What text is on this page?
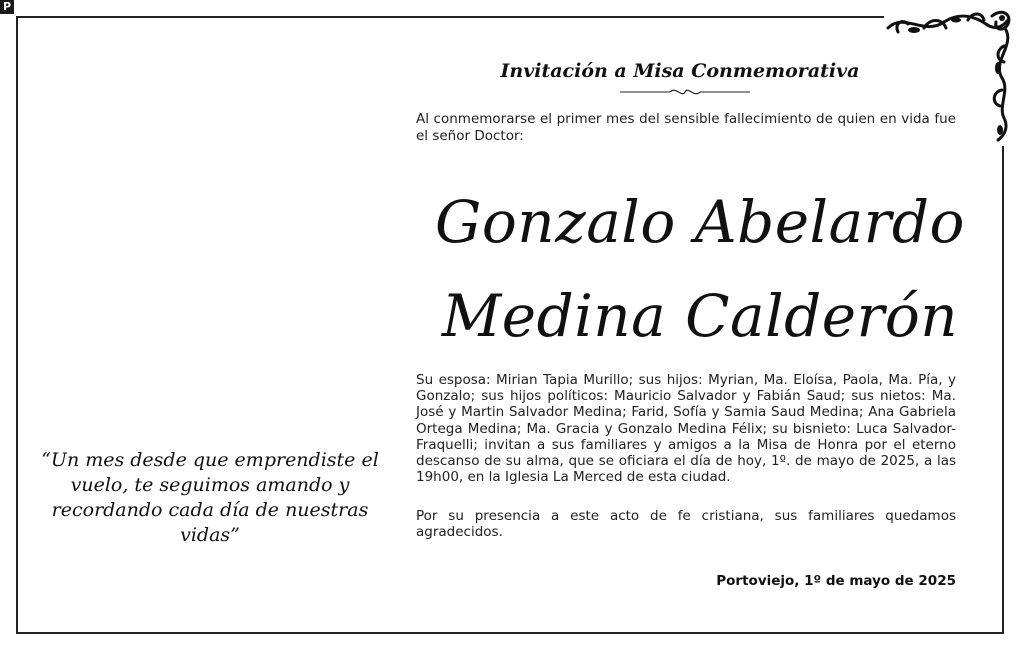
P
“Un mes desde que emprendiste el vuelo, te seguimos amando y recordando cada día de nuestras vidas”
Invitación a Misa Conmemorativa
Al conmemorarse el primer mes del sensible fallecimiento de quien en vida fue el señor Doctor:
Gonzalo Abelardo
Medina Calderón
Su esposa: Mirian Tapia Murillo; sus hijos: Myrian, Ma. Eloísa, Paola, Ma. Pía, y Gonzalo; sus hijos políticos: Mauricio Salvador y Fabián Saud; sus nietos: Ma. José y Martin Salvador Medina; Farid, Sofía y Samia Saud Medina; Ana Gabriela Ortega Medina; Ma. Gracia y Gonzalo Medina Félix; su bisnieto: Luca Salvador-Fraquelli; invitan a sus familiares y amigos a la Misa de Honra por el eterno descanso de su alma, que se oficiara el día de hoy, 1º. de mayo de 2025, a las 19h00, en la Iglesia La Merced de esta ciudad.
Por su presencia a este acto de fe cristiana, sus familiares quedamos agradecidos.
Portoviejo, 1º de mayo de 2025
